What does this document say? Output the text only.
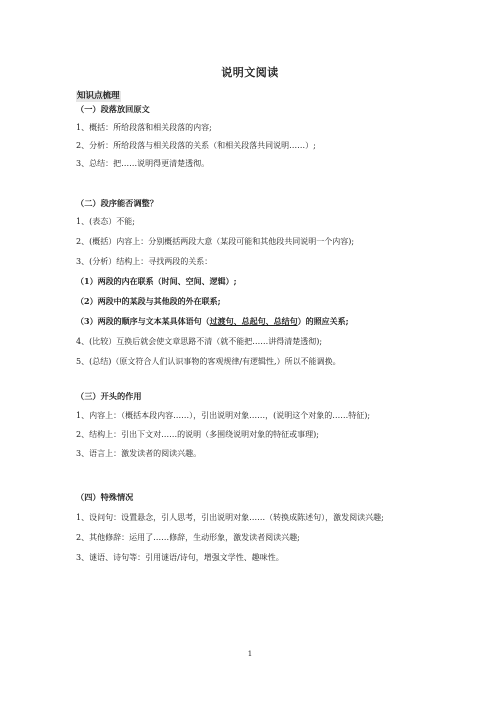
说明文阅读
知识点梳理
（一）段落放回原文
1、概括：所给段落和相关段落的内容;
2、分析：所给段落与相关段落的关系（和相关段落共同说明……）;
3、总结：把……说明得更清楚透彻。
（二）段序能否调整？
1、(表态）不能;
2、(概括）内容上：分别概括两段大意（某段可能和其他段共同说明一个内容);
3、(分析）结构上：寻找两段的关系：
（1）两段的内在联系（时间、空间、逻辑）;
（2）两段中的某段与其他段的外在联系;
（3）两段的顺序与文本某具体语句（过渡句、总起句、总结句）的照应关系;
4、(比较）互换后就会使文章思路不清（就不能把……讲得清楚透彻);
5、(总结)（原文符合人们认识事物的客观规律/有逻辑性,）所以不能调换。
（三）开头的作用
1、内容上：（概括本段内容……），引出说明对象……，(说明这个对象的……特征);
2、结构上：引出下文对……的说明（多围绕说明对象的特征或事理);
3、语言上：激发读者的阅读兴趣。
（四）特殊情况
1、设问句：设置悬念，引人思考，引出说明对象……（转换成陈述句），激发阅读兴趣;
2、其他修辞：运用了……修辞，生动形象，激发读者阅读兴趣;
3、谜语、诗句等：引用谜语/诗句，增强文学性、趣味性。
1
